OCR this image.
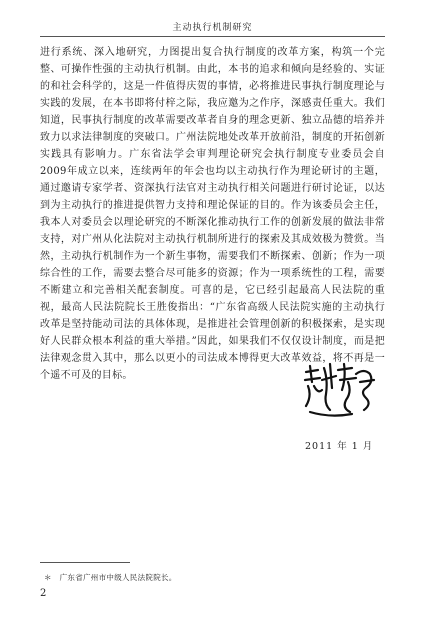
主动执行机制研究

进行系统、深入地研究，力图提出复合执行制度的改革方案，构筑一个完整、可操作性强的主动执行机制。由此，本书的追求和倾向是经验的、实证的和社会科学的，这是一件值得庆贺的事情，必将推进民事执行制度理论与实践的发展，在本书即将付梓之际，我应邀为之作序，深感责任重大。我们知道，民事执行制度的改革需要改革者自身的理念更新、独立品德的培养并致力以求法律制度的突破口。广州法院地处改革开放前沿，制度的开拓创新实践具有影响力。广东省法学会审判理论研究会执行制度专业委员会自2009年成立以来，连续两年的年会也均以主动执行作为理论研讨的主题，通过邀请专家学者、资深执行法官对主动执行相关问题进行研讨论证，以达到为主动执行的推进提供智力支持和理论保证的目的。作为该委员会主任，我本人对委员会以理论研究的不断深化推动执行工作的创新发展的做法非常支持，对广州从化法院对主动执行机制所进行的探索及其成效极为赞赏。当然，主动执行机制作为一个新生事物，需要我们不断探索、创新；作为一项综合性的工作，需要去整合尽可能多的资源；作为一项系统性的工程，需要不断建立和完善相关配套制度。可喜的是，它已经引起最高人民法院的重视，最高人民法院院长王胜俊指出：“广东省高级人民法院实施的主动执行改革是坚持能动司法的具体体现，是推进社会管理创新的积极探索，是实现好人民群众根本利益的重大举措。”因此，如果我们不仅仅设计制度，而是把法律观念贯入其中，那么以更小的司法成本博得更大改革效益，将不再是一个遥不可及的目标。

2011 年 1 月
＊　广东省广州市中级人民法院院长。
2
